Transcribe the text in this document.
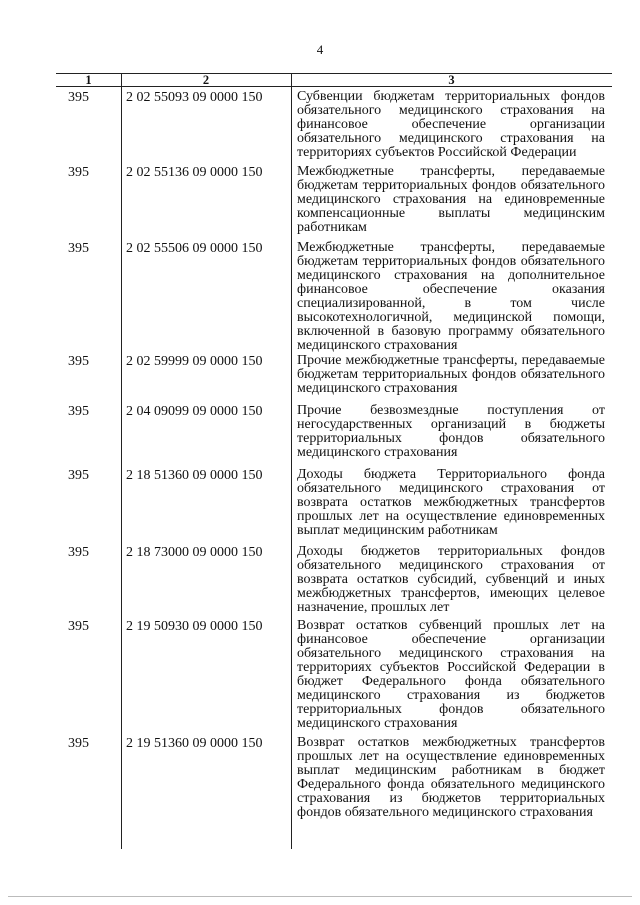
4
1	2	3
395	2 02 55093 09 0000 150	Субвенции бюджетам территориальных фондов обязательного медицинского страхования на финансовое обеспечение организации обязательного медицинского страхования на территориях субъектов Российской Федерации
395	2 02 55136 09 0000 150	Межбюджетные трансферты, передаваемые бюджетам территориальных фондов обязательного медицинского страхования на единовременные компенсационные выплаты медицинским работникам
395	2 02 55506 09 0000 150	Межбюджетные трансферты, передаваемые бюджетам территориальных фондов обязательного медицинского страхования на дополнительное финансовое обеспечение оказания специализированной, в том числе высокотехнологичной, медицинской помощи, включенной в базовую программу обязательного медицинского страхования
395	2 02 59999 09 0000 150	Прочие межбюджетные трансферты, передаваемые бюджетам территориальных фондов обязательного медицинского страхования
395	2 04 09099 09 0000 150	Прочие безвозмездные поступления от негосударственных организаций в бюджеты территориальных фондов обязательного медицинского страхования
395	2 18 51360 09 0000 150	Доходы бюджета Территориального фонда обязательного медицинского страхования от возврата остатков межбюджетных трансфертов прошлых лет на осуществление единовременных выплат медицинским работникам
395	2 18 73000 09 0000 150	Доходы бюджетов территориальных фондов обязательного медицинского страхования от возврата остатков субсидий, субвенций и иных межбюджетных трансфертов, имеющих целевое назначение, прошлых лет
395	2 19 50930 09 0000 150	Возврат остатков субвенций прошлых лет на финансовое обеспечение организации обязательного медицинского страхования на территориях субъектов Российской Федерации в бюджет Федерального фонда обязательного медицинского страхования из бюджетов территориальных фондов обязательного медицинского страхования
395	2 19 51360 09 0000 150	Возврат остатков межбюджетных трансфертов прошлых лет на осуществление единовременных выплат медицинским работникам в бюджет Федерального фонда обязательного медицинского страхования из бюджетов территориальных фондов обязательного медицинского страхования
